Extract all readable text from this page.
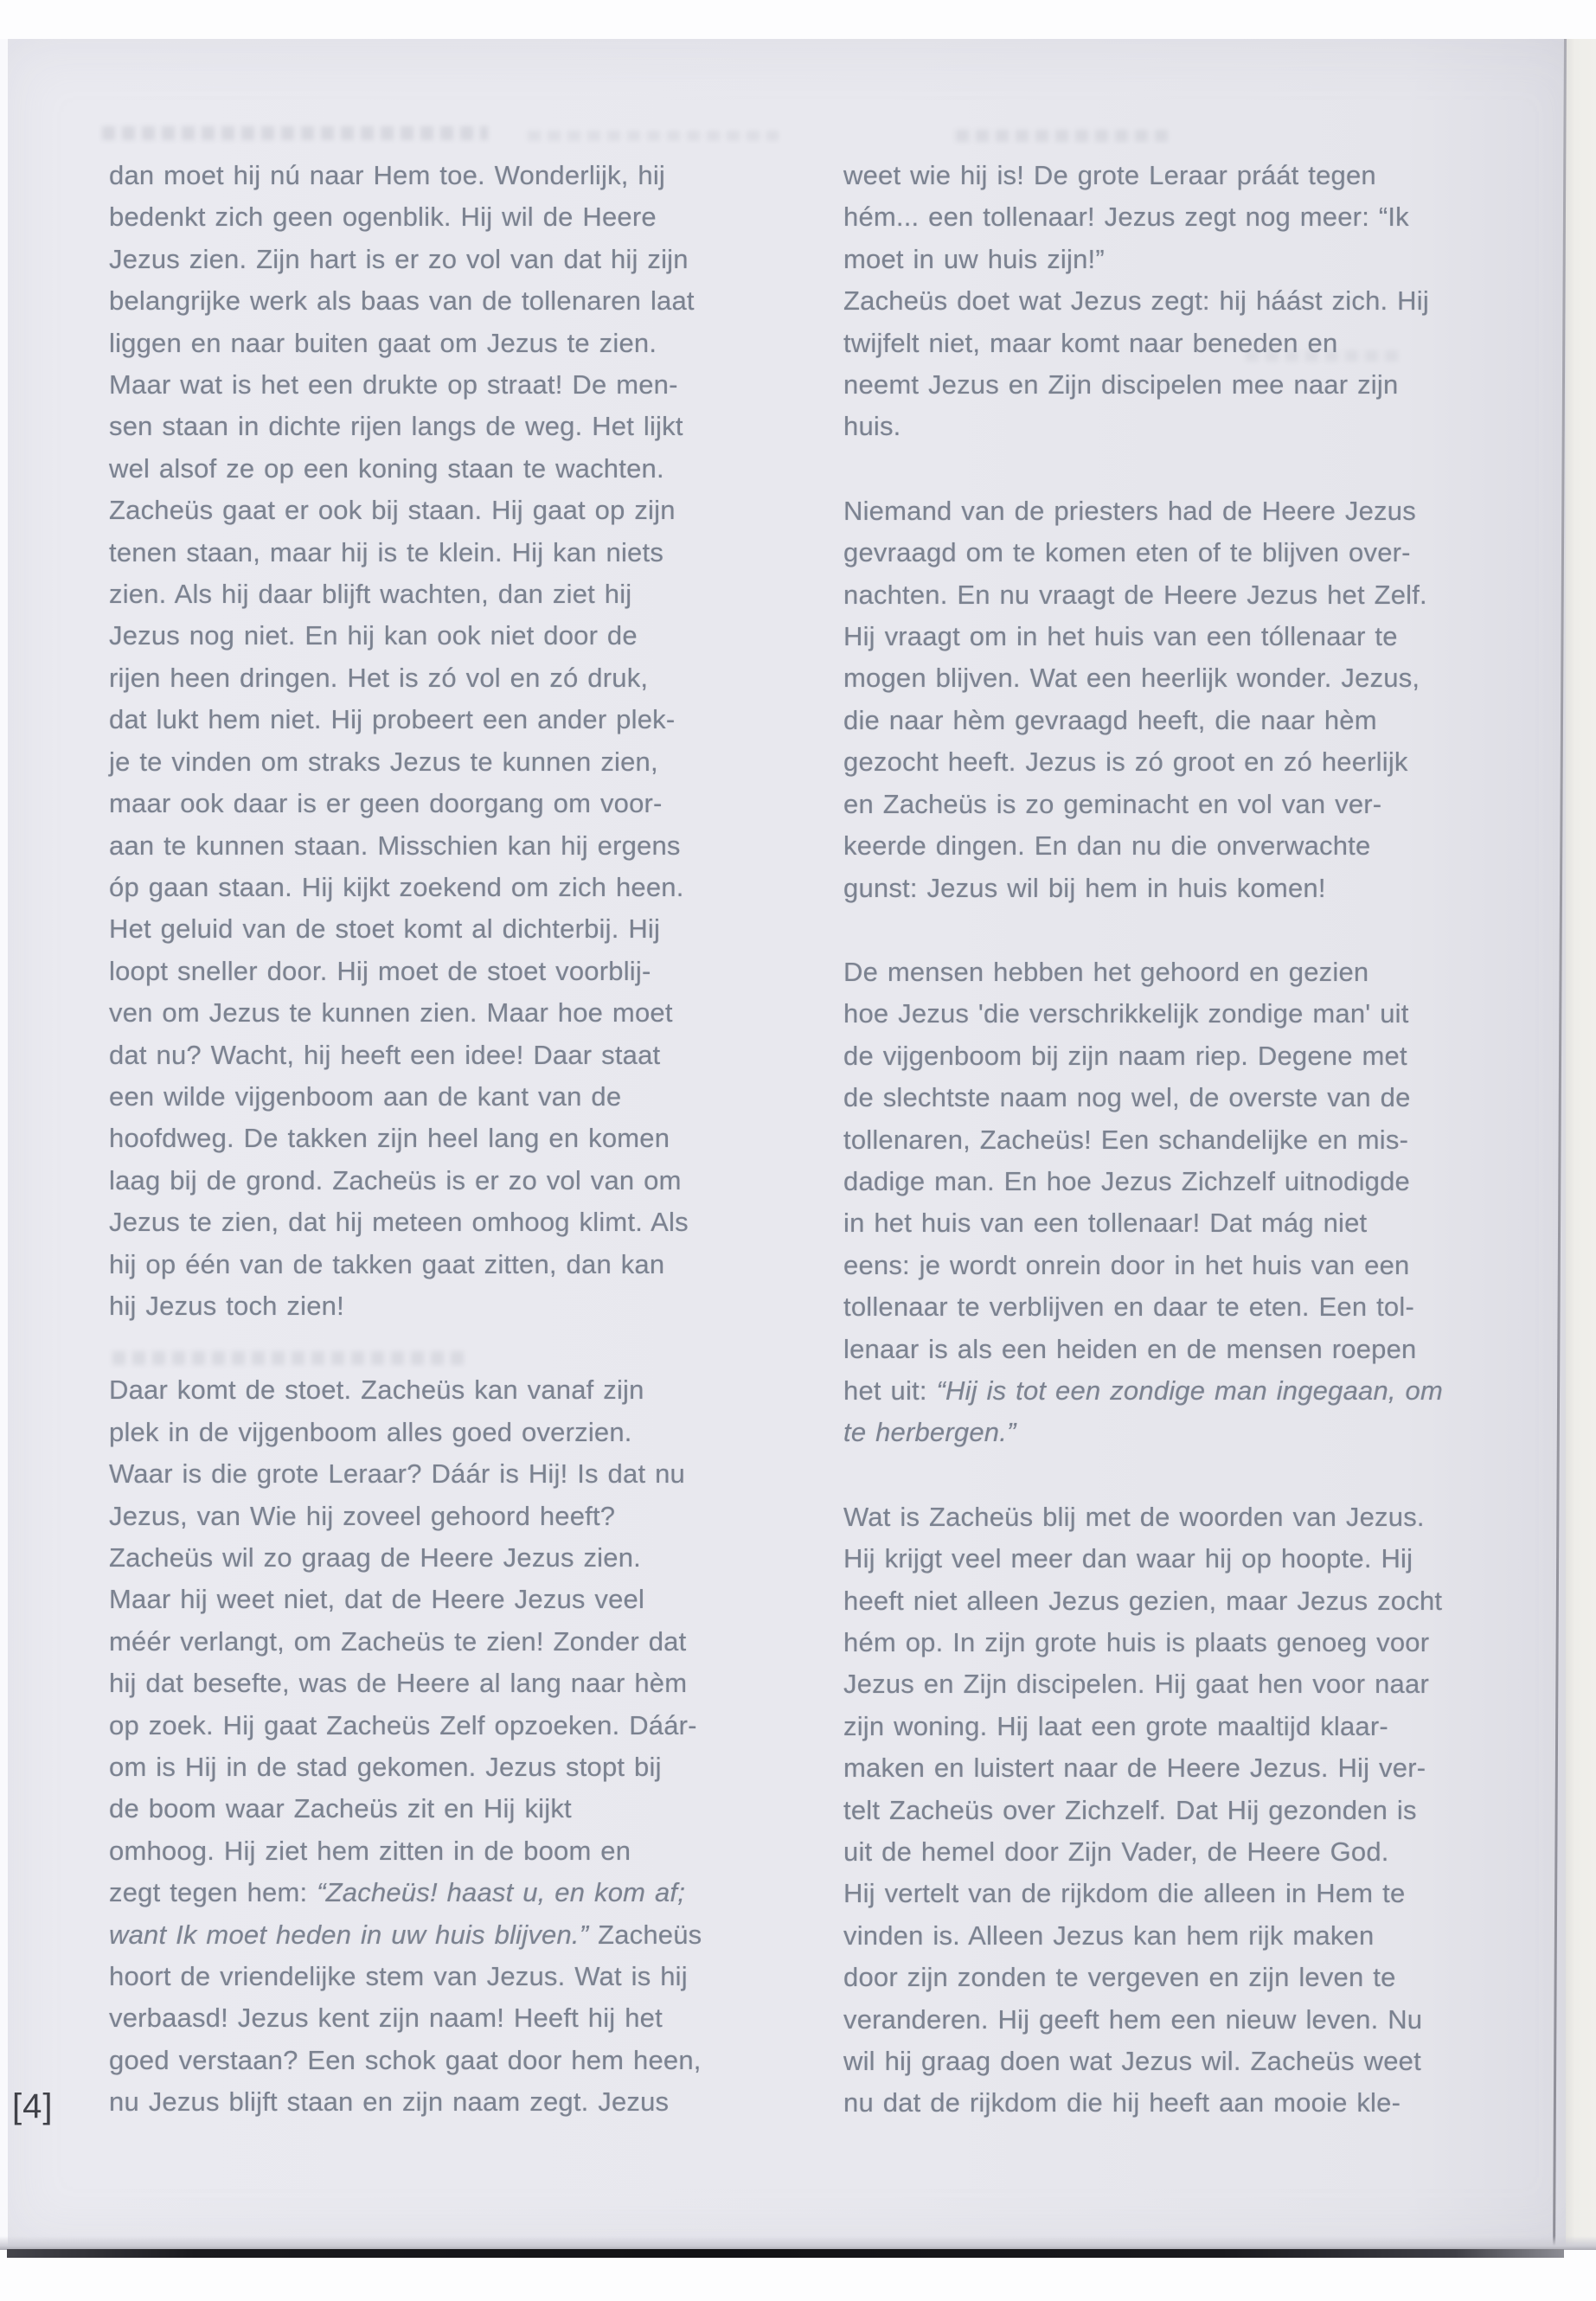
dan moet hij nú naar Hem toe. Wonderlijk, hij
bedenkt zich geen ogenblik. Hij wil de Heere
Jezus zien. Zijn hart is er zo vol van dat hij zijn
belangrijke werk als baas van de tollenaren laat
liggen en naar buiten gaat om Jezus te zien.
Maar wat is het een drukte op straat! De men-
sen staan in dichte rijen langs de weg. Het lijkt
wel alsof ze op een koning staan te wachten.
Zacheüs gaat er ook bij staan. Hij gaat op zijn
tenen staan, maar hij is te klein. Hij kan niets
zien. Als hij daar blijft wachten, dan ziet hij
Jezus nog niet. En hij kan ook niet door de
rijen heen dringen. Het is zó vol en zó druk,
dat lukt hem niet. Hij probeert een ander plek-
je te vinden om straks Jezus te kunnen zien,
maar ook daar is er geen doorgang om voor-
aan te kunnen staan. Misschien kan hij ergens
óp gaan staan. Hij kijkt zoekend om zich heen.
Het geluid van de stoet komt al dichterbij. Hij
loopt sneller door. Hij moet de stoet voorblij-
ven om Jezus te kunnen zien. Maar hoe moet
dat nu? Wacht, hij heeft een idee! Daar staat
een wilde vijgenboom aan de kant van de
hoofdweg. De takken zijn heel lang en komen
laag bij de grond. Zacheüs is er zo vol van om
Jezus te zien, dat hij meteen omhoog klimt. Als
hij op één van de takken gaat zitten, dan kan
hij Jezus toch zien!

Daar komt de stoet. Zacheüs kan vanaf zijn
plek in de vijgenboom alles goed overzien.
Waar is die grote Leraar? Dáár is Hij! Is dat nu
Jezus, van Wie hij zoveel gehoord heeft?
Zacheüs wil zo graag de Heere Jezus zien.
Maar hij weet niet, dat de Heere Jezus veel
méér verlangt, om Zacheüs te zien! Zonder dat
hij dat besefte, was de Heere al lang naar hèm
op zoek. Hij gaat Zacheüs Zelf opzoeken. Dáár-
om is Hij in de stad gekomen. Jezus stopt bij
de boom waar Zacheüs zit en Hij kijkt
omhoog. Hij ziet hem zitten in de boom en
zegt tegen hem: “Zacheüs! haast u, en kom af;
want Ik moet heden in uw huis blijven.” Zacheüs
hoort de vriendelijke stem van Jezus. Wat is hij
verbaasd! Jezus kent zijn naam! Heeft hij het
goed verstaan? Een schok gaat door hem heen,
nu Jezus blijft staan en zijn naam zegt. Jezus

weet wie hij is! De grote Leraar práát tegen
hém... een tollenaar! Jezus zegt nog meer: “Ik
moet in uw huis zijn!”
Zacheüs doet wat Jezus zegt: hij háást zich. Hij
twijfelt niet, maar komt naar beneden en
neemt Jezus en Zijn discipelen mee naar zijn
huis.

Niemand van de priesters had de Heere Jezus
gevraagd om te komen eten of te blijven over-
nachten. En nu vraagt de Heere Jezus het Zelf.
Hij vraagt om in het huis van een tóllenaar te
mogen blijven. Wat een heerlijk wonder. Jezus,
die naar hèm gevraagd heeft, die naar hèm
gezocht heeft. Jezus is zó groot en zó heerlijk
en Zacheüs is zo geminacht en vol van ver-
keerde dingen. En dan nu die onverwachte
gunst: Jezus wil bij hem in huis komen!

De mensen hebben het gehoord en gezien
hoe Jezus 'die verschrikkelijk zondige man' uit
de vijgenboom bij zijn naam riep. Degene met
de slechtste naam nog wel, de overste van de
tollenaren, Zacheüs! Een schandelijke en mis-
dadige man. En hoe Jezus Zichzelf uitnodigde
in het huis van een tollenaar! Dat mág niet
eens: je wordt onrein door in het huis van een
tollenaar te verblijven en daar te eten. Een tol-
lenaar is als een heiden en de mensen roepen
het uit: “Hij is tot een zondige man ingegaan, om
te herbergen.”

Wat is Zacheüs blij met de woorden van Jezus.
Hij krijgt veel meer dan waar hij op hoopte. Hij
heeft niet alleen Jezus gezien, maar Jezus zocht
hém op. In zijn grote huis is plaats genoeg voor
Jezus en Zijn discipelen. Hij gaat hen voor naar
zijn woning. Hij laat een grote maaltijd klaar-
maken en luistert naar de Heere Jezus. Hij ver-
telt Zacheüs over Zichzelf. Dat Hij gezonden is
uit de hemel door Zijn Vader, de Heere God.
Hij vertelt van de rijkdom die alleen in Hem te
vinden is. Alleen Jezus kan hem rijk maken
door zijn zonden te vergeven en zijn leven te
veranderen. Hij geeft hem een nieuw leven. Nu
wil hij graag doen wat Jezus wil. Zacheüs weet
nu dat de rijkdom die hij heeft aan mooie kle-

[4]
